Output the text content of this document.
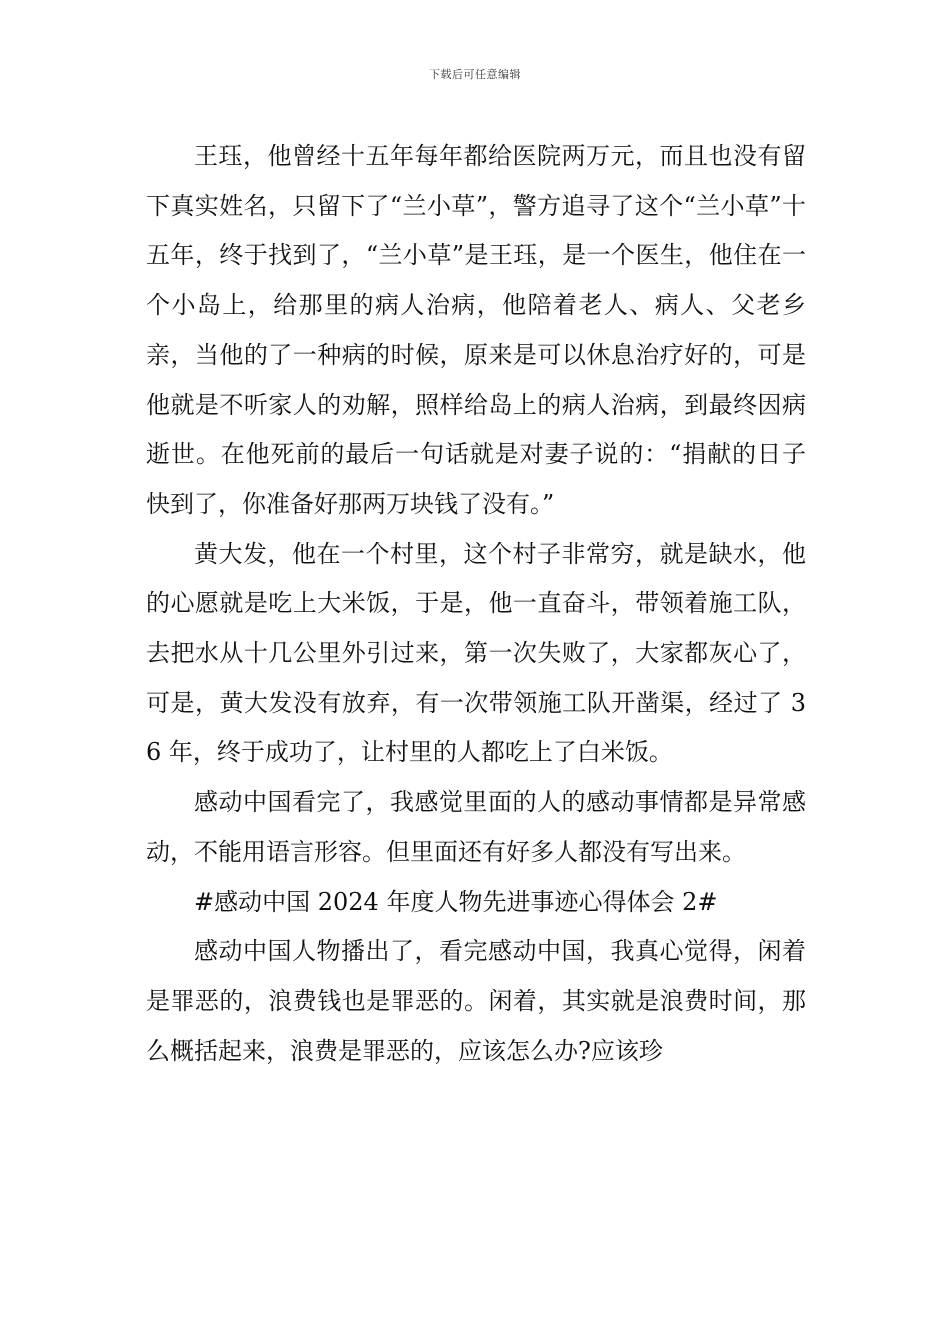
下载后可任意编辑

王珏，他曾经十五年每年都给医院两万元，而且也没有留下真实姓名，只留下了“兰小草”，警方追寻了这个“兰小草”十五年，终于找到了，“兰小草”是王珏，是一个医生，他住在一个小岛上，给那里的病人治病，他陪着老人、病人、父老乡亲，当他的了一种病的时候，原来是可以休息治疗好的，可是他就是不听家人的劝解，照样给岛上的病人治病，到最终因病逝世。在他死前的最后一句话就是对妻子说的：“捐献的日子快到了，你准备好那两万块钱了没有。”

黄大发，他在一个村里，这个村子非常穷，就是缺水，他的心愿就是吃上大米饭，于是，他一直奋斗，带领着施工队，去把水从十几公里外引过来，第一次失败了，大家都灰心了，可是，黄大发没有放弃，有一次带领施工队开凿渠，经过了 36 年，终于成功了，让村里的人都吃上了白米饭。

感动中国看完了，我感觉里面的人的感动事情都是异常感动，不能用语言形容。但里面还有好多人都没有写出来。

#感动中国 2024 年度人物先进事迹心得体会 2#

感动中国人物播出了，看完感动中国，我真心觉得，闲着是罪恶的，浪费钱也是罪恶的。闲着，其实就是浪费时间，那么概括起来，浪费是罪恶的，应该怎么办?应该珍
